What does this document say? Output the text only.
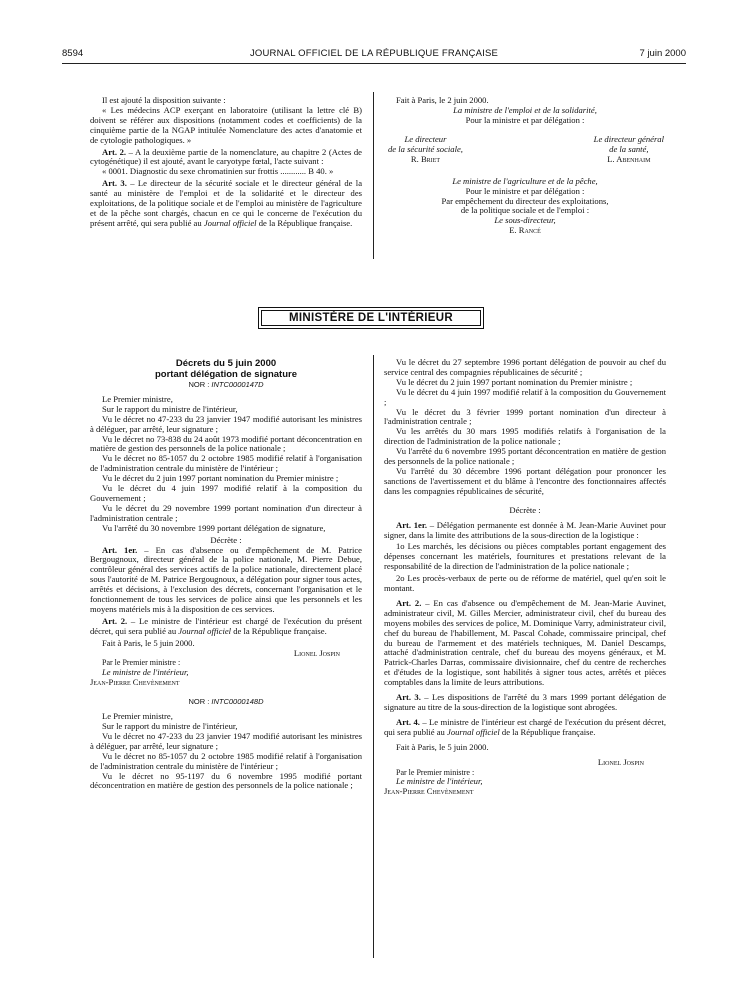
8594	JOURNAL OFFICIEL DE LA RÉPUBLIQUE FRANÇAISE	7 juin 2000

Il est ajouté la disposition suivante :

« Les médecins ACP exerçant en laboratoire (utilisant la lettre clé B) doivent se référer aux dispositions (notamment codes et coefficients) de la cinquième partie de la NGAP intitulée Nomenclature des actes d'anatomie et de cytologie pathologiques. »

Art. 2. – A la deuxième partie de la nomenclature, au chapitre 2 (Actes de cytogénétique) il est ajouté, avant le caryotype fœtal, l'acte suivant :

« 0001. Diagnostic du sexe chromatinien sur frottis ............ B 40. »

Art. 3. – Le directeur de la sécurité sociale et le directeur général de la santé au ministère de l'emploi et de la solidarité et le directeur des exploitations, de la politique sociale et de l'emploi au ministère de l'agriculture et de la pêche sont chargés, chacun en ce qui le concerne de l'exécution du présent arrêté, qui sera publié au Journal officiel de la République française.

Fait à Paris, le 2 juin 2000.

La ministre de l'emploi et de la solidarité,

Pour la ministre et par délégation :

Le directeur
de la sécurité sociale,
R. Briet
Le directeur général
de la santé,
L. Abenhaim

Le ministre de l'agriculture et de la pêche,

Pour le ministre et par délégation :

Par empêchement du directeur des exploitations,

de la politique sociale et de l'emploi :

Le sous-directeur,

E. Rancé

MINISTÈRE DE L'INTÉRIEUR

Décrets du 5 juin 2000

portant délégation de signature

NOR : INTC0000147D

Le Premier ministre,

Sur le rapport du ministre de l'intérieur,

Vu le décret no 47-233 du 23 janvier 1947 modifié autorisant les ministres à déléguer, par arrêté, leur signature ;

Vu le décret no 73-838 du 24 août 1973 modifié portant déconcentration en matière de gestion des personnels de la police nationale ;

Vu le décret no 85-1057 du 2 octobre 1985 modifié relatif à l'organisation de l'administration centrale du ministère de l'intérieur ;

Vu le décret du 2 juin 1997 portant nomination du Premier ministre ;

Vu le décret du 4 juin 1997 modifié relatif à la composition du Gouvernement ;

Vu le décret du 29 novembre 1999 portant nomination d'un directeur à l'administration centrale ;

Vu l'arrêté du 30 novembre 1999 portant délégation de signature,

Décrète :

Art. 1er. – En cas d'absence ou d'empêchement de M. Patrice Bergougnoux, directeur général de la police nationale, M. Pierre Debue, contrôleur général des services actifs de la police nationale, directement placé sous l'autorité de M. Patrice Bergougnoux, a délégation pour signer tous actes, arrêtés et décisions, à l'exclusion des décrets, concernant l'organisation et le fonctionnement de tous les services de police ainsi que les personnels et les moyens matériels mis à la disposition de ces services.

Art. 2. – Le ministre de l'intérieur est chargé de l'exécution du présent décret, qui sera publié au Journal officiel de la République française.

Fait à Paris, le 5 juin 2000.

Lionel Jospin

Par le Premier ministre :

Le ministre de l'intérieur,

Jean-Pierre Chevènement

NOR : INTC0000148D

Le Premier ministre,

Sur le rapport du ministre de l'intérieur,

Vu le décret no 47-233 du 23 janvier 1947 modifié autorisant les ministres à déléguer, par arrêté, leur signature ;

Vu le décret no 85-1057 du 2 octobre 1985 modifié relatif à l'organisation de l'administration centrale du ministère de l'intérieur ;

Vu le décret no 95-1197 du 6 novembre 1995 modifié portant déconcentration en matière de gestion des personnels de la police nationale ;

Vu le décret du 27 septembre 1996 portant délégation de pouvoir au chef du service central des compagnies républicaines de sécurité ;

Vu le décret du 2 juin 1997 portant nomination du Premier ministre ;

Vu le décret du 4 juin 1997 modifié relatif à la composition du Gouvernement ;

Vu le décret du 3 février 1999 portant nomination d'un directeur à l'administration centrale ;

Vu les arrêtés du 30 mars 1995 modifiés relatifs à l'organisation de la direction de l'administration de la police nationale ;

Vu l'arrêté du 6 novembre 1995 portant déconcentration en matière de gestion des personnels de la police nationale ;

Vu l'arrêté du 30 décembre 1996 portant délégation pour prononcer les sanctions de l'avertissement et du blâme à l'encontre des fonctionnaires affectés dans les compagnies républicaines de sécurité,

Décrète :

Art. 1er. – Délégation permanente est donnée à M. Jean-Marie Auvinet pour signer, dans la limite des attributions de la sous-direction de la logistique :

1o Les marchés, les décisions ou pièces comptables portant engagement des dépenses concernant les matériels, fournitures et prestations relevant de la responsabilité de la direction de l'administration de la police nationale ;

2o Les procès-verbaux de perte ou de réforme de matériel, quel qu'en soit le montant.

Art. 2. – En cas d'absence ou d'empêchement de M. Jean-Marie Auvinet, administrateur civil, M. Gilles Mercier, administrateur civil, chef du bureau des moyens mobiles des services de police, M. Dominique Varry, administrateur civil, chef du bureau de l'habillement, M. Pascal Cohade, commissaire principal, chef du bureau de l'armement et des matériels techniques, M. Daniel Descamps, attaché d'administration centrale, chef du bureau des moyens généraux, et M. Patrick-Charles Darras, commissaire divisionnaire, chef du centre de recherches et d'études de la logistique, sont habilités à signer tous actes, arrêtés et pièces comptables dans la limite de leurs attributions.

Art. 3. – Les dispositions de l'arrêté du 3 mars 1999 portant délégation de signature au titre de la sous-direction de la logistique sont abrogées.

Art. 4. – Le ministre de l'intérieur est chargé de l'exécution du présent décret, qui sera publié au Journal officiel de la République française.

Fait à Paris, le 5 juin 2000.

Lionel Jospin

Par le Premier ministre :

Le ministre de l'intérieur,

Jean-Pierre Chevènement
